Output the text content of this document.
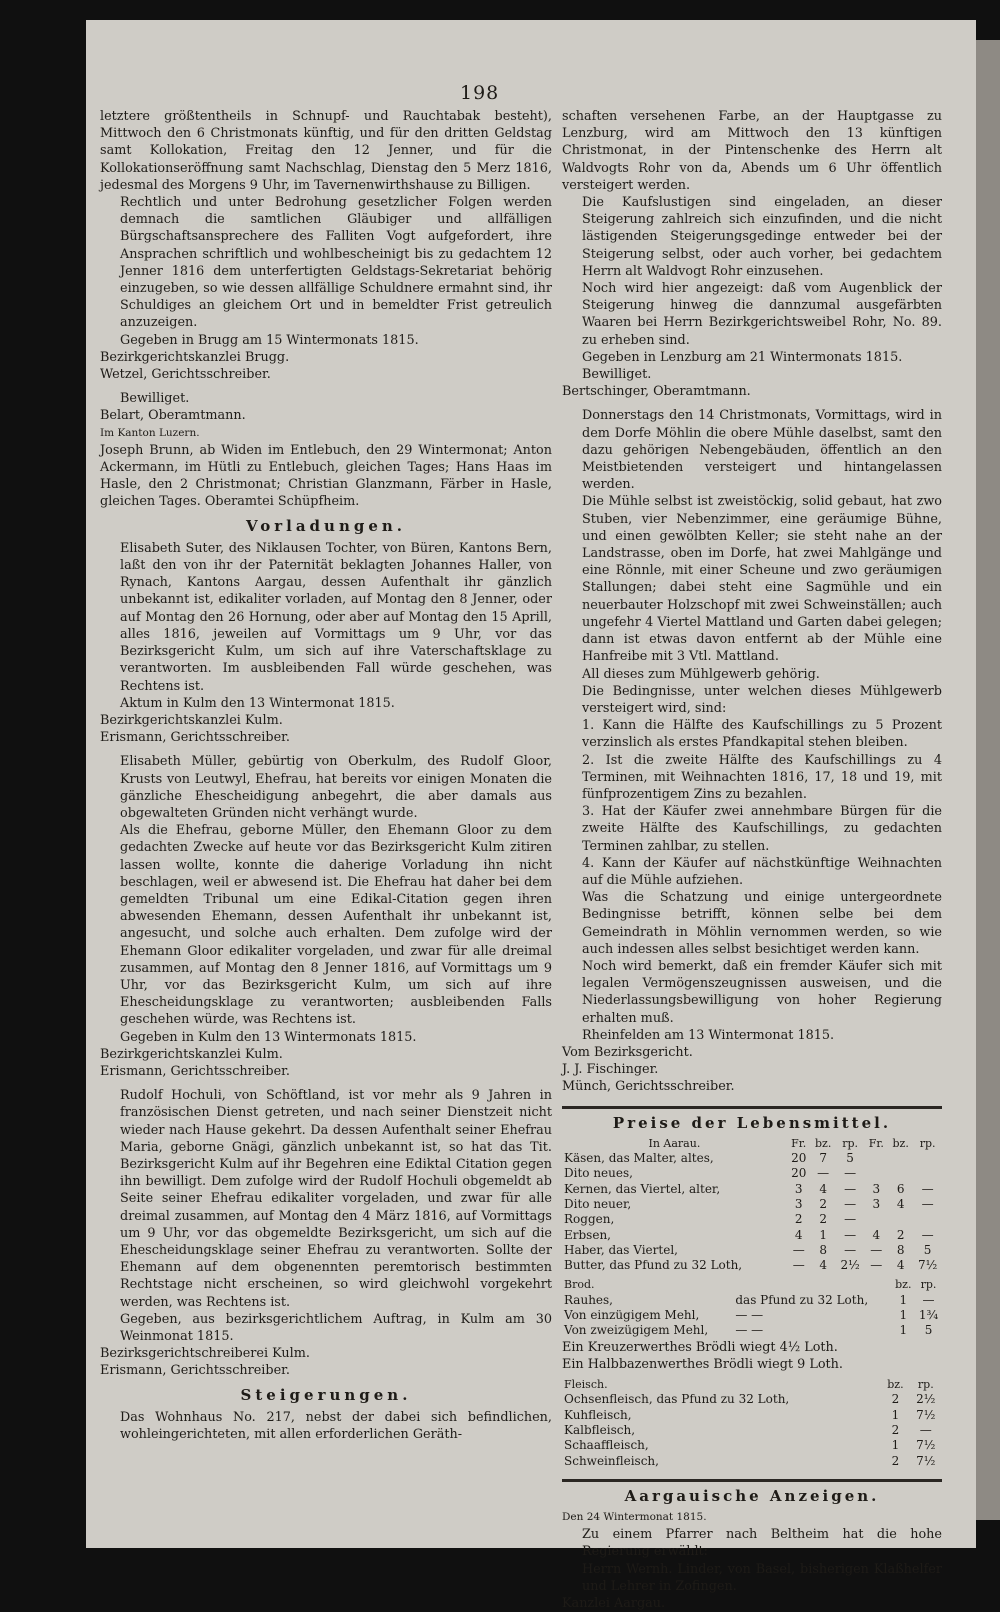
198

letztere größtentheils in Schnupf- und Rauchtabak besteht), Mittwoch den 6 Christmonats künftig, und für den dritten Geldstag samt Kollokation, Freitag den 12 Jenner, und für die Kollokationseröffnung samt Nachschlag, Dienstag den 5 Merz 1816, jedesmal des Morgens 9 Uhr, im Tavernenwirthshause zu Billigen.

Rechtlich und unter Bedrohung gesetzlicher Folgen werden demnach die samtlichen Gläubiger und allfälligen Bürgschaftsansprechere des Falliten Vogt aufgefordert, ihre Ansprachen schriftlich und wohlbescheinigt bis zu gedachtem 12 Jenner 1816 dem unterfertigten Geldstags-Sekretariat behörig einzugeben, so wie dessen allfällige Schuldnere ermahnt sind, ihr Schuldiges an gleichem Ort und in bemeldter Frist getreulich anzuzeigen.

Gegeben in Brugg am 15 Wintermonats 1815.

Bezirkgerichtskanzlei Brugg.

Wetzel, Gerichtsschreiber.

Bewilliget.

Belart, Oberamtmann.

Im Kanton Luzern.

Joseph Brunn, ab Widen im Entlebuch, den 29 Wintermonat; Anton Ackermann, im Hütli zu Entlebuch, gleichen Tages; Hans Haas im Hasle, den 2 Christmonat; Christian Glanzmann, Färber in Hasle, gleichen Tages. Oberamtei Schüpfheim.

Vorladungen.

Elisabeth Suter, des Niklausen Tochter, von Büren, Kantons Bern, laßt den von ihr der Paternität beklagten Johannes Haller, von Rynach, Kantons Aargau, dessen Aufenthalt ihr gänzlich unbekannt ist, edikaliter vorladen, auf Montag den 8 Jenner, oder auf Montag den 26 Hornung, oder aber auf Montag den 15 Aprill, alles 1816, jeweilen auf Vormittags um 9 Uhr, vor das Bezirksgericht Kulm, um sich auf ihre Vaterschaftsklage zu verantworten. Im ausbleibenden Fall würde geschehen, was Rechtens ist.

Aktum in Kulm den 13 Wintermonat 1815.

Bezirkgerichtskanzlei Kulm.

Erismann, Gerichtsschreiber.

Elisabeth Müller, gebürtig von Oberkulm, des Rudolf Gloor, Krusts von Leutwyl, Ehefrau, hat bereits vor einigen Monaten die gänzliche Ehescheidigung anbegehrt, die aber damals aus obgewalteten Gründen nicht verhängt wurde.

Als die Ehefrau, geborne Müller, den Ehemann Gloor zu dem gedachten Zwecke auf heute vor das Bezirksgericht Kulm zitiren lassen wollte, konnte die daherige Vorladung ihn nicht beschlagen, weil er abwesend ist. Die Ehefrau hat daher bei dem gemeldten Tribunal um eine Edikal-Citation gegen ihren abwesenden Ehemann, dessen Aufenthalt ihr unbekannt ist, angesucht, und solche auch erhalten. Dem zufolge wird der Ehemann Gloor edikaliter vorgeladen, und zwar für alle dreimal zusammen, auf Montag den 8 Jenner 1816, auf Vormittags um 9 Uhr, vor das Bezirksgericht Kulm, um sich auf ihre Ehescheidungsklage zu verantworten; ausbleibenden Falls geschehen würde, was Rechtens ist.

Gegeben in Kulm den 13 Wintermonats 1815.

Bezirkgerichtskanzlei Kulm.

Erismann, Gerichtsschreiber.

Rudolf Hochuli, von Schöftland, ist vor mehr als 9 Jahren in französischen Dienst getreten, und nach seiner Dienstzeit nicht wieder nach Hause gekehrt. Da dessen Aufenthalt seiner Ehefrau Maria, geborne Gnägi, gänzlich unbekannt ist, so hat das Tit. Bezirksgericht Kulm auf ihr Begehren eine Ediktal Citation gegen ihn bewilligt. Dem zufolge wird der Rudolf Hochuli obgemeldt ab Seite seiner Ehefrau edikaliter vorgeladen, und zwar für alle dreimal zusammen, auf Montag den 4 März 1816, auf Vormittags um 9 Uhr, vor das obgemeldte Bezirksgericht, um sich auf die Ehescheidungsklage seiner Ehefrau zu verantworten. Sollte der Ehemann auf dem obgenennten peremtorisch bestimmten Rechtstage nicht erscheinen, so wird gleichwohl vorgekehrt werden, was Rechtens ist.

Gegeben, aus bezirksgerichtlichem Auftrag, in Kulm am 30 Weinmonat 1815.

Bezirksgerichtschreiberei Kulm.

Erismann, Gerichtsschreiber.

Steigerungen.

Das Wohnhaus No. 217, nebst der dabei sich befindlichen, wohleingerichteten, mit allen erforderlichen Geräth-

schaften versehenen Farbe, an der Hauptgasse zu Lenzburg, wird am Mittwoch den 13 künftigen Christmonat, in der Pintenschenke des Herrn alt Waldvogts Rohr von da, Abends um 6 Uhr öffentlich versteigert werden.

Die Kaufslustigen sind eingeladen, an dieser Steigerung zahlreich sich einzufinden, und die nicht lästigenden Steigerungsgedinge entweder bei der Steigerung selbst, oder auch vorher, bei gedachtem Herrn alt Waldvogt Rohr einzusehen.

Noch wird hier angezeigt: daß vom Augenblick der Steigerung hinweg die dannzumal ausgefärbten Waaren bei Herrn Bezirkgerichtsweibel Rohr, No. 89. zu erheben sind.

Gegeben in Lenzburg am 21 Wintermonats 1815.

Bewilliget.

Bertschinger, Oberamtmann.

Donnerstags den 14 Christmonats, Vormittags, wird in dem Dorfe Möhlin die obere Mühle daselbst, samt den dazu gehörigen Nebengebäuden, öffentlich an den Meistbietenden versteigert und hintangelassen werden.

Die Mühle selbst ist zweistöckig, solid gebaut, hat zwo Stuben, vier Nebenzimmer, eine geräumige Bühne, und einen gewölbten Keller; sie steht nahe an der Landstrasse, oben im Dorfe, hat zwei Mahlgänge und eine Rönnle, mit einer Scheune und zwo geräumigen Stallungen; dabei steht eine Sagmühle und ein neuerbauter Holzschopf mit zwei Schweinställen; auch ungefehr 4 Viertel Mattland und Garten dabei gelegen; dann ist etwas davon entfernt ab der Mühle eine Hanfreibe mit 3 Vtl. Mattland.

All dieses zum Mühlgewerb gehörig.

Die Bedingnisse, unter welchen dieses Mühlgewerb versteigert wird, sind:

1. Kann die Hälfte des Kaufschillings zu 5 Prozent verzinslich als erstes Pfandkapital stehen bleiben.

2. Ist die zweite Hälfte des Kaufschillings zu 4 Terminen, mit Weihnachten 1816, 17, 18 und 19, mit fünfprozentigem Zins zu bezahlen.

3. Hat der Käufer zwei annehmbare Bürgen für die zweite Hälfte des Kaufschillings, zu gedachten Terminen zahlbar, zu stellen.

4. Kann der Käufer auf nächstkünftige Weihnachten auf die Mühle aufziehen.

Was die Schatzung und einige untergeordnete Bedingnisse betrifft, können selbe bei dem Gemeindrath in Möhlin vernommen werden, so wie auch indessen alles selbst besichtiget werden kann.

Noch wird bemerkt, daß ein fremder Käufer sich mit legalen Vermögenszeugnissen ausweisen, und die Niederlassungsbewilligung von hoher Regierung erhalten muß.

Rheinfelden am 13 Wintermonat 1815.

Vom Bezirksgericht.

J. J. Fischinger.

Münch, Gerichtsschreiber.

Preise der Lebensmittel.
In Aarau.	Fr.	bz.	rp.	Fr.	bz.	rp.
Käsen, das Malter, altes,	20	7	5			
Dito neues,	20	—	—			
Kernen, das Viertel, alter,	3	4	—	3	6	—
Dito neuer,	3	2	—	3	4	—
Roggen,	2	2	—			
Erbsen,	4	1	—	4	2	—
Haber, das Viertel,	—	8	—	—	8	5
Butter, das Pfund zu 32 Loth,	—	4	2½	—	4	7½
Brod.		bz.	rp.
Rauhes,	das Pfund zu 32 Loth,	1	—
Von einzügigem Mehl,	— —	1	1¾
Von zweizügigem Mehl,	— —	1	5

Ein Kreuzerwerthes Brödli wiegt 4½ Loth.

Ein Halbbazenwerthes Brödli wiegt 9 Loth.

Fleisch.	bz.	rp.
Ochsenfleisch, das Pfund zu 32 Loth,	2	2½
Kuhfleisch,	1	7½
Kalbfleisch,	2	—
Schaaffleisch,	1	7½
Schweinfleisch,	2	7½
Aargauische Anzeigen.

Den 24 Wintermonat 1815.

Zu einem Pfarrer nach Beltheim hat die hohe Regierung erwählt:

Herrn Wernh. Linder, von Basel, bisherigen Klaßhelfer und Lehrer in Zofingen.

Kanzlei Aargau.
